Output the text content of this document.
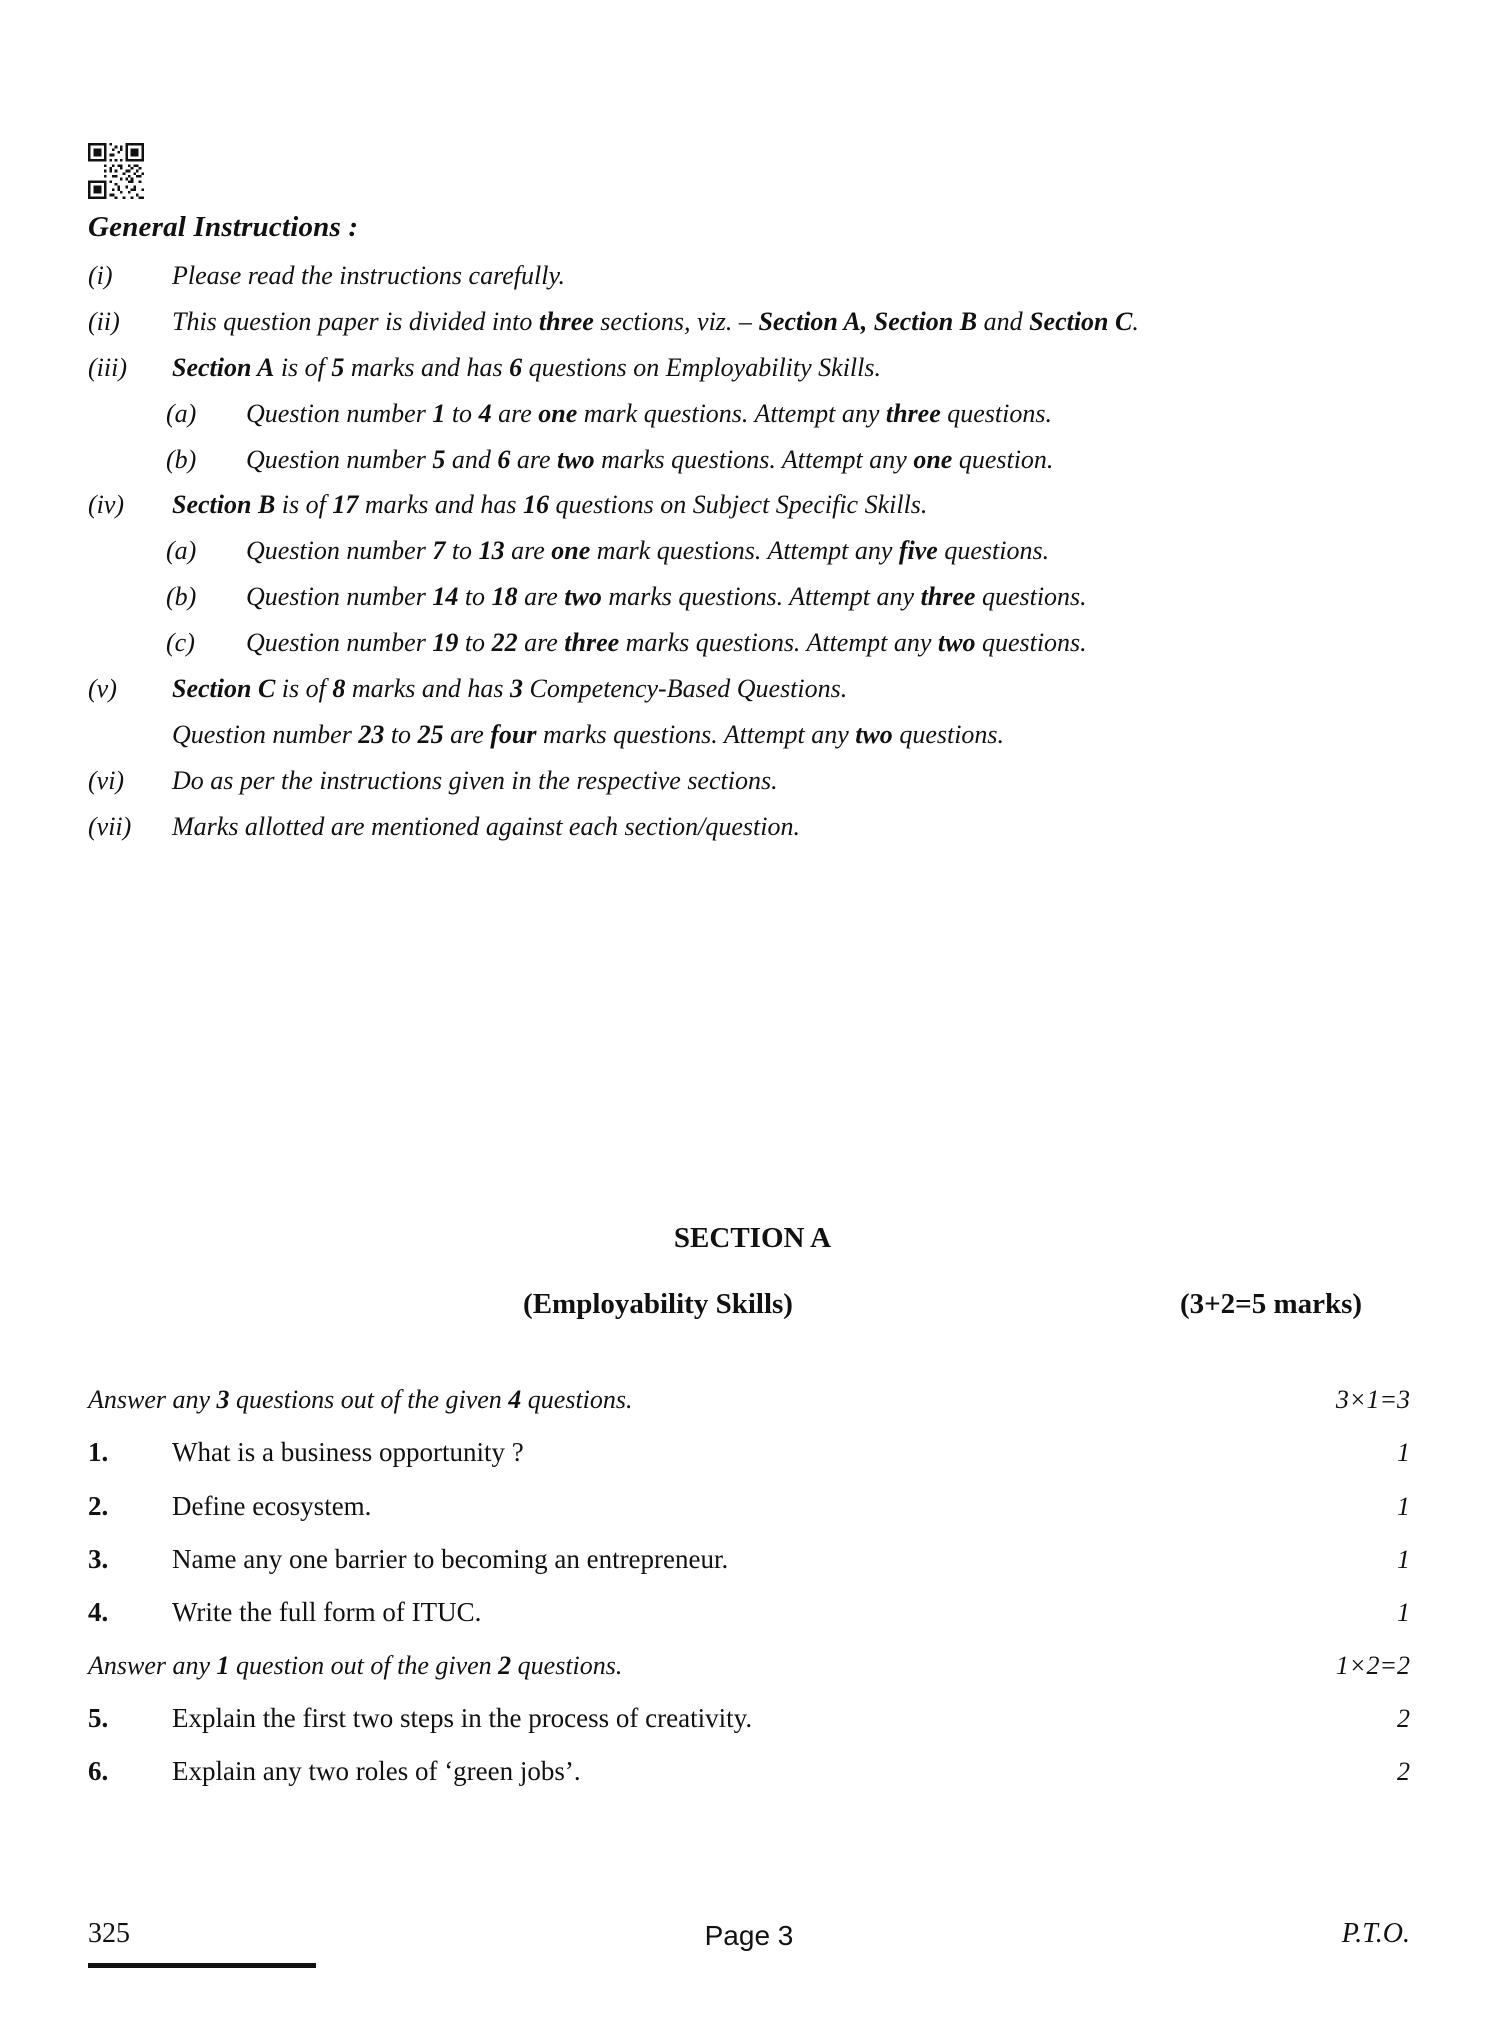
General Instructions :
(i)	Please read the instructions carefully.
(ii)	This question paper is divided into three sections, viz. – Section A, Section B and Section C.
(iii)	Section A is of 5 marks and has 6 questions on Employability Skills.
(a)	Question number 1 to 4 are one mark questions. Attempt any three questions.
(b)	Question number 5 and 6 are two marks questions. Attempt any one question.
(iv)	Section B is of 17 marks and has 16 questions on Subject Specific Skills.
(a)	Question number 7 to 13 are one mark questions. Attempt any five questions.
(b)	Question number 14 to 18 are two marks questions. Attempt any three questions.
(c)	Question number 19 to 22 are three marks questions. Attempt any two questions.
(v)	Section C is of 8 marks and has 3 Competency-Based Questions.
Question number 23 to 25 are four marks questions. Attempt any two questions.
(vi)	Do as per the instructions given in the respective sections.
(vii)	Marks allotted are mentioned against each section/question.
SECTION A
(Employability Skills)	(3+2=5 marks)
Answer any 3 questions out of the given 4 questions.	3×1=3
1.	What is a business opportunity ?	1
2.	Define ecosystem.	1
3.	Name any one barrier to becoming an entrepreneur.	1
4.	Write the full form of ITUC.	1
Answer any 1 question out of the given 2 questions.	1×2=2
5.	Explain the first two steps in the process of creativity.	2
6.	Explain any two roles of ‘green jobs’.	2
325	Page 3	P.T.O.
